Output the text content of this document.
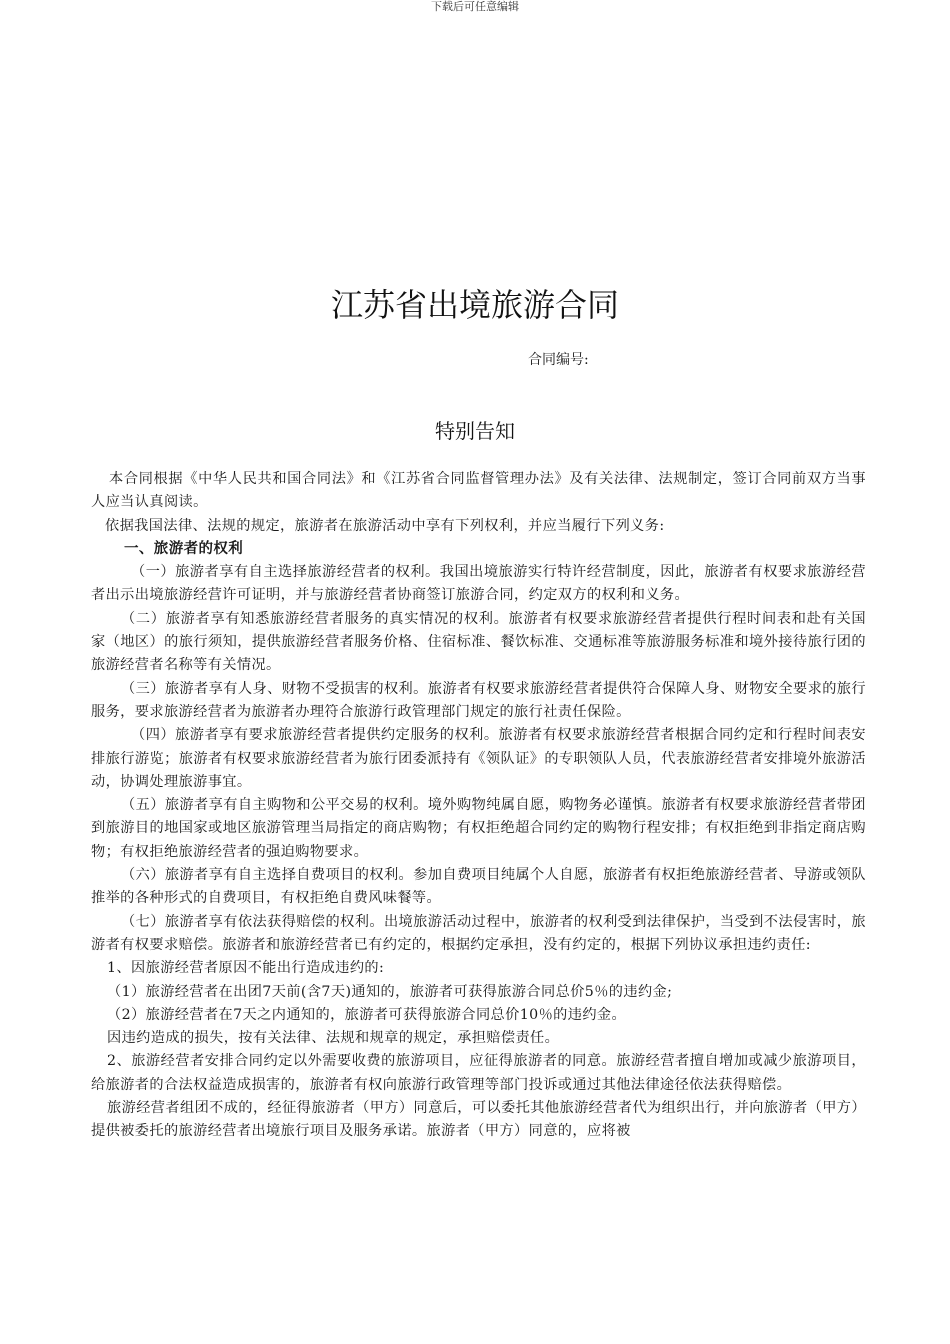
下载后可任意编辑
江苏省出境旅游合同
合同编号:
特别告知

本合同根据《中华人民共和国合同法》和《江苏省合同监督管理办法》及有关法律、法规制定，签订合同前双方当事人应当认真阅读。

依据我国法律、法规的规定，旅游者在旅游活动中享有下列权利，并应当履行下列义务:

一、旅游者的权利

（一）旅游者享有自主选择旅游经营者的权利。我国出境旅游实行特许经营制度，因此，旅游者有权要求旅游经营者出示出境旅游经营许可证明，并与旅游经营者协商签订旅游合同，约定双方的权利和义务。

（二）旅游者享有知悉旅游经营者服务的真实情况的权利。旅游者有权要求旅游经营者提供行程时间表和赴有关国 家（地区）的旅行须知，提供旅游经营者服务价格、住宿标准、餐饮标准、交通标准等旅游服务标准和境外接待旅行团的旅游经营者名称等有关情况。

（三）旅游者享有人身、财物不受损害的权利。旅游者有权要求旅游经营者提供符合保障人身、财物安全要求的旅行 服务，要求旅游经营者为旅游者办理符合旅游行政管理部门规定的旅行社责任保险。

（四）旅游者享有要求旅游经营者提供约定服务的权利。旅游者有权要求旅游经营者根据合同约定和行程时间表安排旅行游览；旅游者有权要求旅游经营者为旅行团委派持有《领队证》的专职领队人员，代表旅游经营者安排境外旅游活动，协调处理旅游事宜。

（五）旅游者享有自主购物和公平交易的权利。境外购物纯属自愿，购物务必谨慎。旅游者有权要求旅游经营者带团到旅游目的地国家或地区旅游管理当局指定的商店购物；有权拒绝超合同约定的购物行程安排；有权拒绝到非指定商店购物；有权拒绝旅游经营者的强迫购物要求。

（六）旅游者享有自主选择自费项目的权利。参加自费项目纯属个人自愿，旅游者有权拒绝旅游经营者、导游或领队推举的各种形式的自费项目，有权拒绝自费风味餐等。

（七）旅游者享有依法获得赔偿的权利。出境旅游活动过程中，旅游者的权利受到法律保护，当受到不法侵害时，旅游者有权要求赔偿。旅游者和旅游经营者已有约定的，根据约定承担，没有约定的，根据下列协议承担违约责任:

1、因旅游经营者原因不能出行造成违约的:

（1）旅游经营者在出团7天前(含7天)通知的，旅游者可获得旅游合同总价5％的违约金;

（2）旅游经营者在7天之内通知的，旅游者可获得旅游合同总价10％的违约金。

因违约造成的损失，按有关法律、法规和规章的规定，承担赔偿责任。

2、旅游经营者安排合同约定以外需要收费的旅游项目，应征得旅游者的同意。旅游经营者擅自增加或减少旅游项目，给旅游者的合法权益造成损害的，旅游者有权向旅游行政管理等部门投诉或通过其他法律途径依法获得赔偿。

旅游经营者组团不成的，经征得旅游者（甲方）同意后，可以委托其他旅游经营者代为组织出行，并向旅游者（甲方）提供被委托的旅游经营者出境旅行项目及服务承诺。旅游者（甲方）同意的，应将被
